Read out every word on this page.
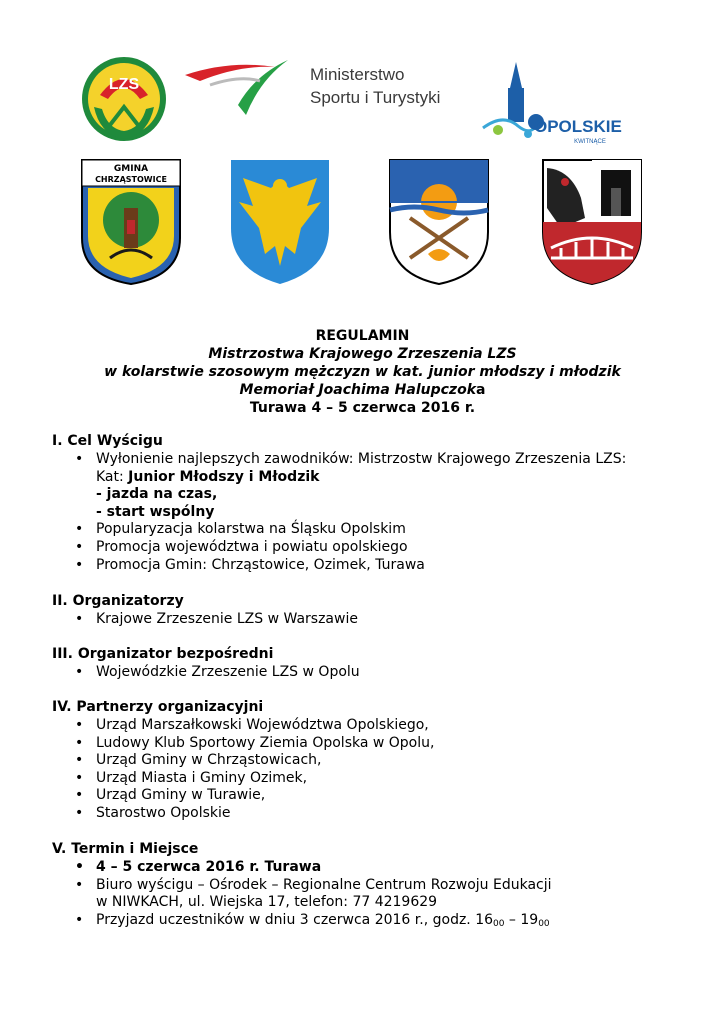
LZS
Ministerstwo
Sportu i Turystyki
OPOLSKIE
KWITNĄCE
GMINA
CHRZĄSTOWICE
REGULAMIN
Mistrzostwa Krajowego Zrzeszenia LZS
w kolarstwie szosowym mężczyzn w kat. junior młodszy i młodzik
Memoriał Joachima Halupczoka
Turawa 4 – 5 czerwca 2016 r.
I. Cel Wyścigu
• Wyłonienie najlepszych zawodników: Mistrzostw Krajowego Zrzeszenia LZS:
Kat: Junior Młodszy i Młodzik
- jazda na czas,
- start wspólny
• Popularyzacja kolarstwa na Śląsku Opolskim
• Promocja województwa i powiatu opolskiego
• Promocja Gmin: Chrząstowice, Ozimek, Turawa
II. Organizatorzy
• Krajowe Zrzeszenie LZS w Warszawie
III. Organizator bezpośredni
• Wojewódzkie Zrzeszenie LZS w Opolu
IV. Partnerzy organizacyjni
• Urząd Marszałkowski Województwa Opolskiego,
• Ludowy Klub Sportowy Ziemia Opolska w Opolu,
• Urząd Gminy w Chrząstowicach,
• Urząd Miasta i Gminy Ozimek,
• Urząd Gminy w Turawie,
• Starostwo Opolskie
V. Termin i Miejsce
• 4 – 5 czerwca 2016 r. Turawa
• Biuro wyścigu – Ośrodek – Regionalne Centrum Rozwoju Edukacji
w NIWKACH, ul. Wiejska 17, telefon: 77 4219629
• Przyjazd uczestników w dniu 3 czerwca 2016 r., godz. $16_{00} - 19_{00}$
